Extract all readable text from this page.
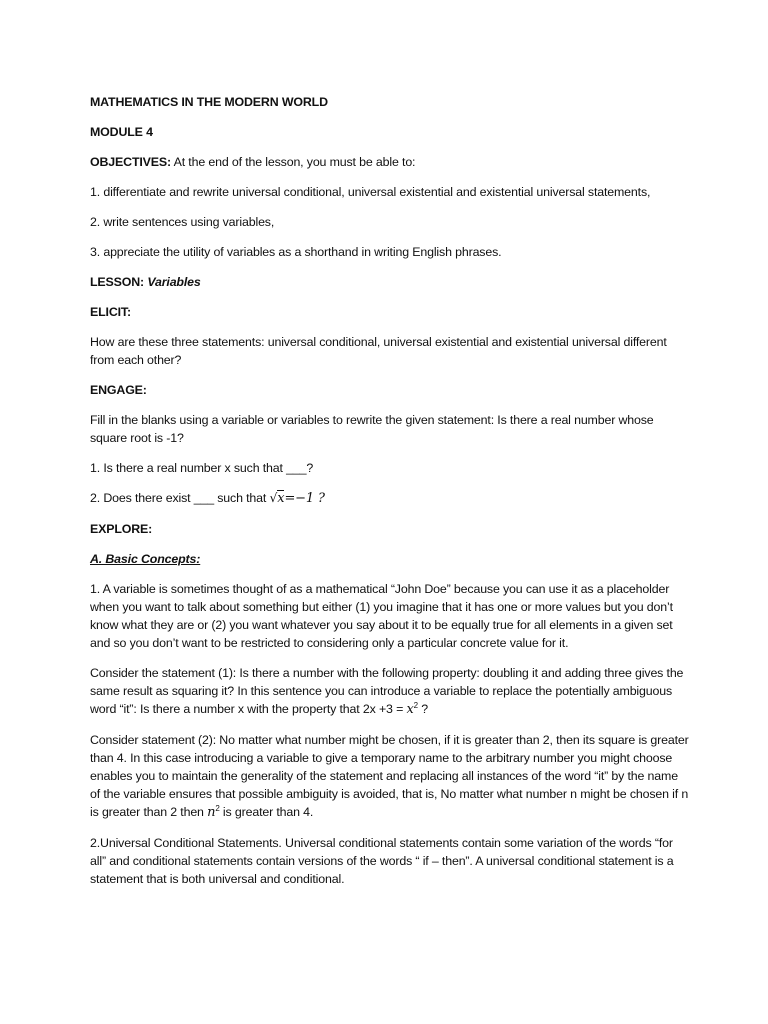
MATHEMATICS IN THE MODERN WORLD

MODULE 4

OBJECTIVES: At the end of the lesson, you must be able to:

1. differentiate and rewrite universal conditional, universal existential and existential universal statements,

2. write sentences using variables,

3. appreciate the utility of variables as a shorthand in writing English phrases.

LESSON: Variables

ELICIT:

How are these three statements: universal conditional, universal existential and existential universal different from each other?

ENGAGE:

Fill in the blanks using a variable or variables to rewrite the given statement: Is there a real number whose square root is -1?

1. Is there a real number x such that ___?

2. Does there exist ___ such that √x=−1 ?

EXPLORE:

A. Basic Concepts:

1. A variable is sometimes thought of as a mathematical “John Doe” because you can use it as a placeholder when you want to talk about something but either (1) you imagine that it has one or more values but you don’t know what they are or (2) you want whatever you say about it to be equally true for all elements in a given set and so you don’t want to be restricted to considering only a particular concrete value for it.

Consider the statement (1): Is there a number with the following property: doubling it and adding three gives the same result as squaring it? In this sentence you can introduce a variable to replace the potentially ambiguous word “it”: Is there a number x with the property that $2x +3 = x^2$ ?

Consider statement (2): No matter what number might be chosen, if it is greater than 2, then its square is greater than 4. In this case introducing a variable to give a temporary name to the arbitrary number you might choose enables you to maintain the generality of the statement and replacing all instances of the word “it” by the name of the variable ensures that possible ambiguity is avoided, that is, No matter what number n might be chosen if n is greater than 2 then $n^2$ is greater than 4.

2.Universal Conditional Statements. Universal conditional statements contain some variation of the words “for all” and conditional statements contain versions of the words “ if – then”. A universal conditional statement is a statement that is both universal and conditional.
